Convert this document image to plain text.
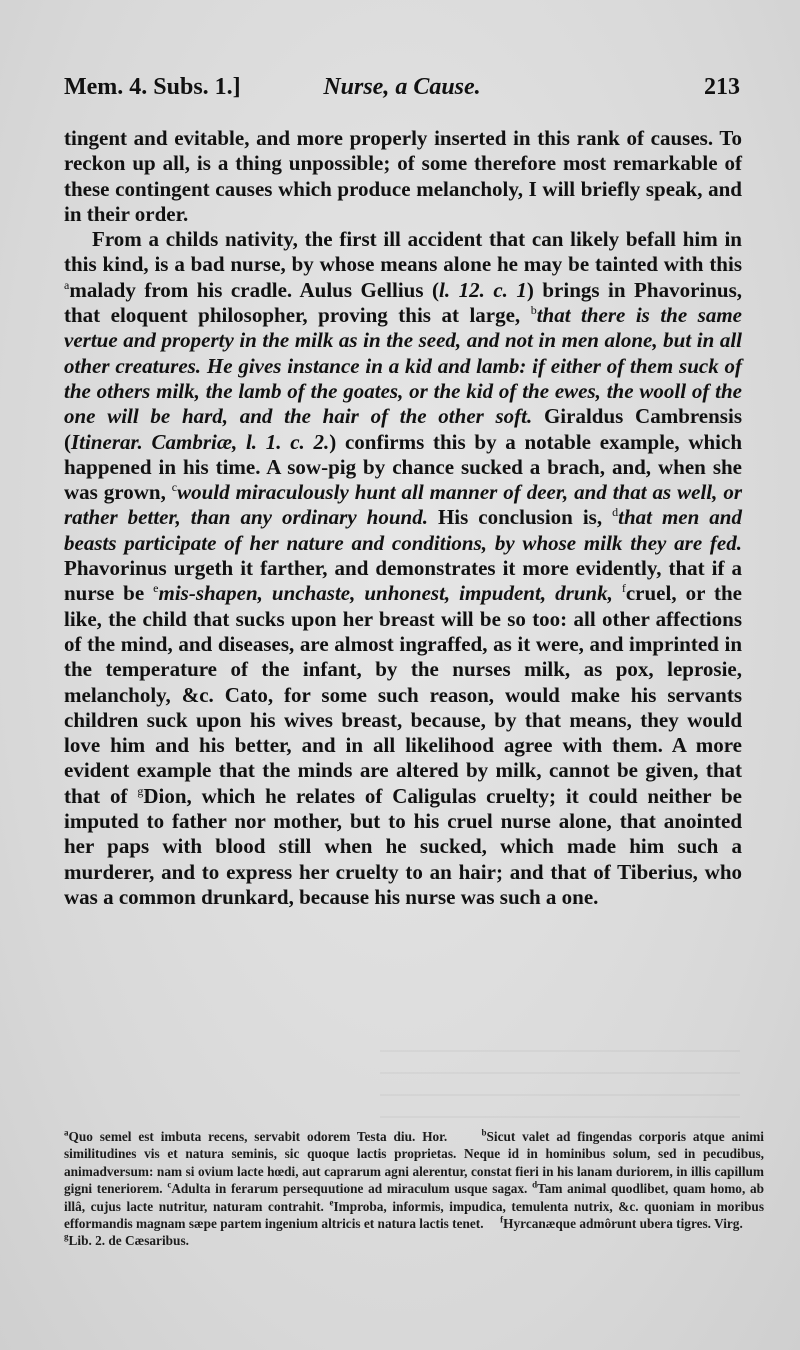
Mem. 4. Subs. 1.]	Nurse, a Cause.	213

tingent and evitable, and more properly inserted in this rank of causes. To reckon up all, is a thing unpossible; of some therefore most remarkable of these contingent causes which produce melancholy, I will briefly speak, and in their order.

From a childs nativity, the first ill accident that can likely befall him in this kind, is a bad nurse, by whose means alone he may be tainted with this $^a$malady from his cradle. Aulus Gellius (l. 12. c. 1) brings in Phavorinus, that eloquent philosopher, proving this at large, $^b$that there is the same vertue and property in the milk as in the seed, and not in men alone, but in all other creatures. He gives instance in a kid and lamb: if either of them suck of the others milk, the lamb of the goates, or the kid of the ewes, the wooll of the one will be hard, and the hair of the other soft. Giraldus Cambrensis (Itinerar. Cambriæ, l. 1. c. 2.) confirms this by a notable example, which happened in his time. A sow-pig by chance sucked a brach, and, when she was grown, $^c$would miraculously hunt all manner of deer, and that as well, or rather better, than any ordinary hound. His conclusion is, $^d$that men and beasts participate of her nature and conditions, by whose milk they are fed. Phavorinus urgeth it farther, and demonstrates it more evidently, that if a nurse be $^e$mis-shapen, unchaste, unhonest, impudent, drunk, $^f$cruel, or the like, the child that sucks upon her breast will be so too: all other affections of the mind, and diseases, are almost ingraffed, as it were, and imprinted in the temperature of the infant, by the nurses milk, as pox, leprosie, melancholy, &c. Cato, for some such reason, would make his servants children suck upon his wives breast, because, by that means, they would love him and his better, and in all likelihood agree with them. A more evident example that the minds are altered by milk, cannot be given, that that of $^g$Dion, which he relates of Caligulas cruelty; it could neither be imputed to father nor mother, but to his cruel nurse alone, that anointed her paps with blood still when he sucked, which made him such a murderer, and to express her cruelty to an hair; and that of Tiberius, who was a common drunkard, because his nurse was such a one.

$^a$Quo semel est imbuta recens, servabit odorem Testa diu. Hor.	$^b$Sicut valet ad fingendas corporis atque animi similitudines vis et natura seminis, sic quoque lactis proprietas. Neque id in hominibus solum, sed in pecudibus, animadversum: nam si ovium lacte hœdi, aut caprarum agni alerentur, constat fieri in his lanam duriorem, in illis capillum gigni teneriorem. $^c$Adulta in ferarum persequutione ad miraculum usque sagax. $^d$Tam animal quodlibet, quam homo, ab illâ, cujus lacte nutritur, naturam contrahit. $^e$Improba, informis, impudica, temulenta nutrix, &c. quoniam in moribus efformandis magnam sæpe partem ingenium altricis et natura lactis tenet. $^f$Hyrcanæque admôrunt ubera tigres. Virg.
$^g$Lib. 2. de Cæsaribus.
